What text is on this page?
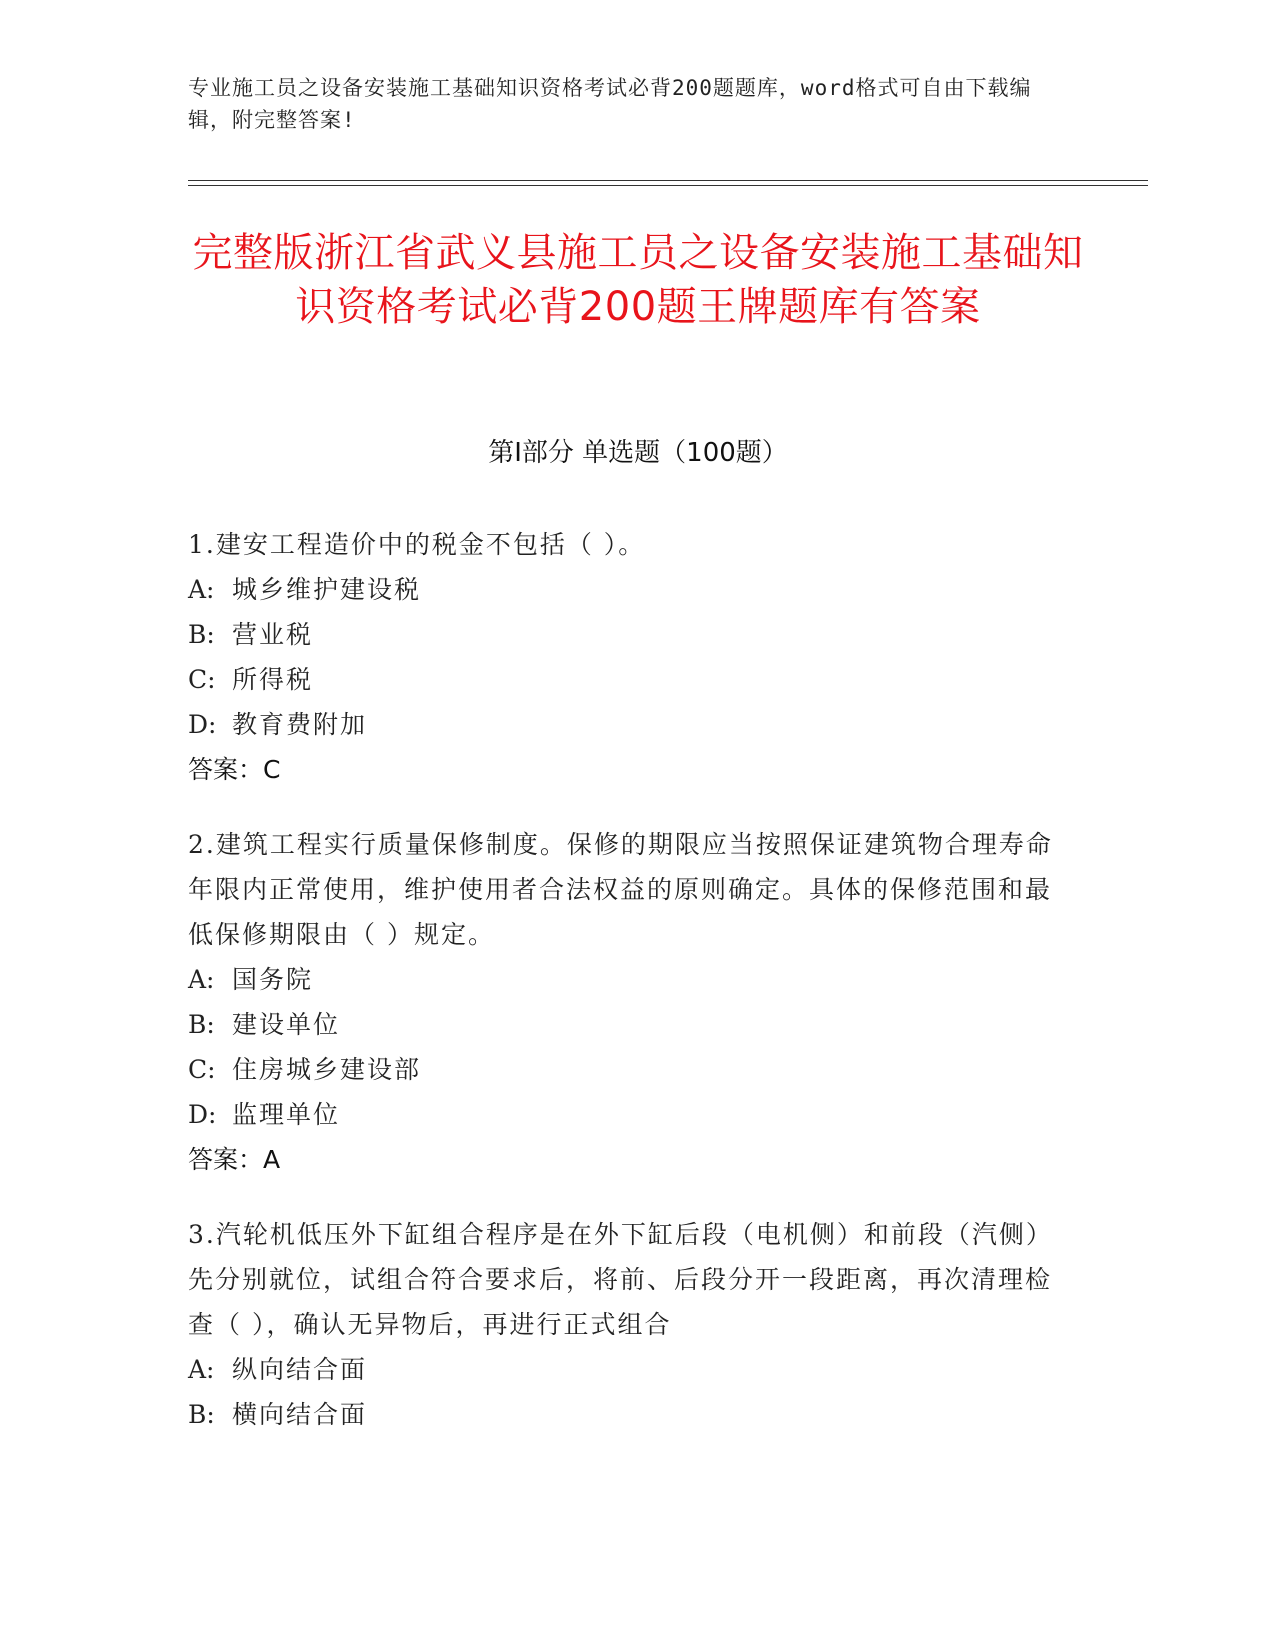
专业施工员之设备安装施工基础知识资格考试必背200题题库，word格式可自由下载编辑，附完整答案!
完整版浙江省武义县施工员之设备安装施工基础知识资格考试必背200题王牌题库有答案
第I部分 单选题（100题）
1.建安工程造价中的税金不包括（ ）。
A: 城乡维护建设税
B: 营业税
C: 所得税
D: 教育费附加
答案：C
2.建筑工程实行质量保修制度。保修的期限应当按照保证建筑物合理寿命年限内正常使用，维护使用者合法权益的原则确定。具体的保修范围和最低保修期限由（ ）规定。
A: 国务院
B: 建设单位
C: 住房城乡建设部
D: 监理单位
答案：A
3.汽轮机低压外下缸组合程序是在外下缸后段（电机侧）和前段（汽侧）先分别就位，试组合符合要求后，将前、后段分开一段距离，再次清理检查（ ），确认无异物后，再进行正式组合
A: 纵向结合面
B: 横向结合面
